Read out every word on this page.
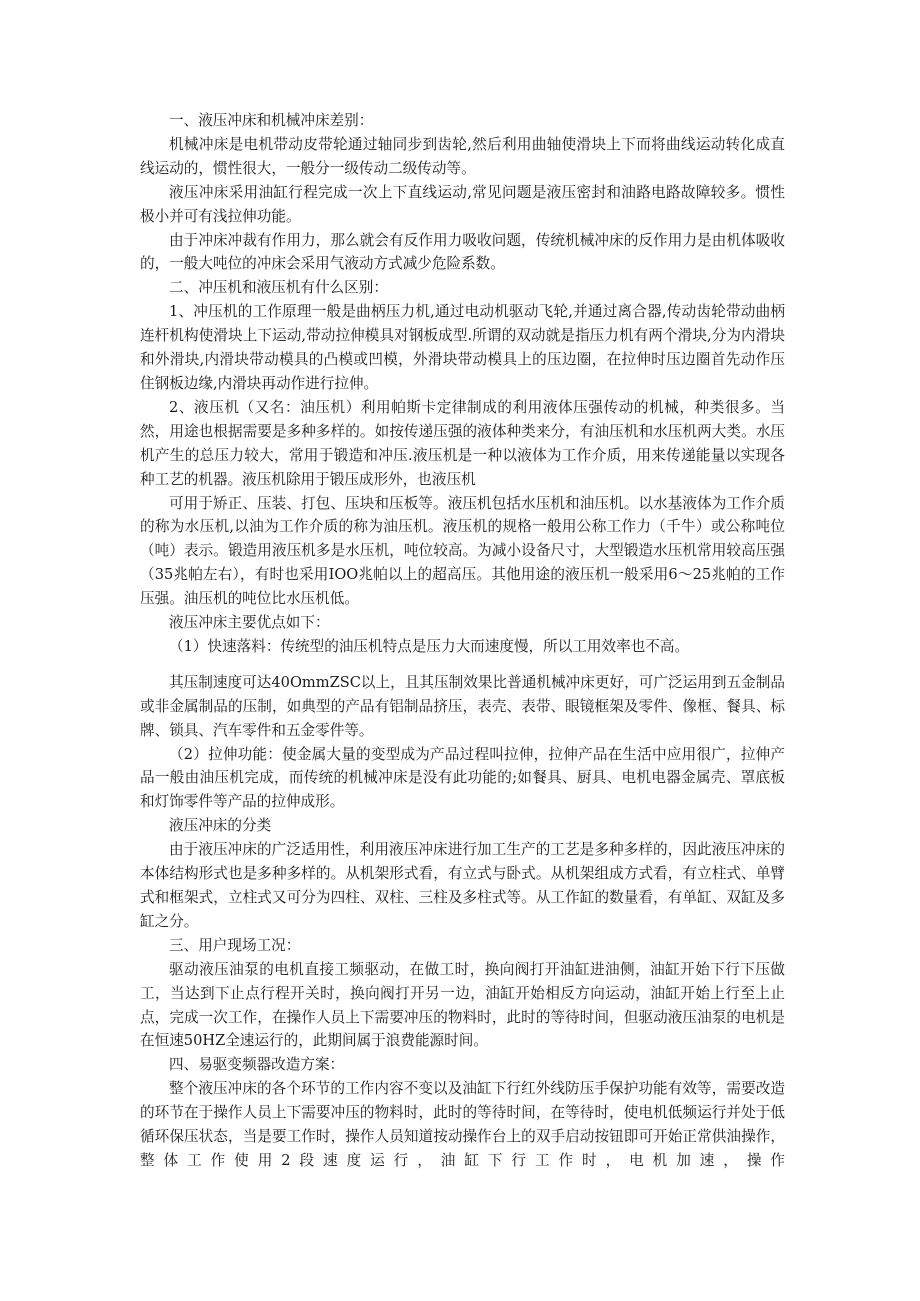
一、液压冲床和机械冲床差别：

机械冲床是电机带动皮带轮通过轴同步到齿轮,然后利用曲轴使滑块上下而将曲线运动转化成直线运动的，惯性很大，一般分一级传动二级传动等。

液压冲床采用油缸行程完成一次上下直线运动,常见问题是液压密封和油路电路故障较多。惯性极小并可有浅拉伸功能。

由于冲床冲裁有作用力，那么就会有反作用力吸收问题，传统机械冲床的反作用力是由机体吸收的，一般大吨位的冲床会采用气液动方式减少危险系数。

二、冲压机和液压机有什么区别：

1、冲压机的工作原理一般是曲柄压力机,通过电动机驱动飞轮,并通过离合器,传动齿轮带动曲柄连杆机构使滑块上下运动,带动拉伸模具对钢板成型.所谓的双动就是指压力机有两个滑块,分为内滑块和外滑块,内滑块带动模具的凸模或凹模，外滑块带动模具上的压边圈，在拉伸时压边圈首先动作压住钢板边缘,内滑块再动作进行拉伸。

2、液压机（又名：油压机）利用帕斯卡定律制成的利用液体压强传动的机械，种类很多。当然，用途也根据需要是多种多样的。如按传递压强的液体种类来分，有油压机和水压机两大类。水压机产生的总压力较大，常用于锻造和冲压.液压机是一种以液体为工作介质，用来传递能量以实现各种工艺的机器。液压机除用于锻压成形外，也液压机

可用于矫正、压装、打包、压块和压板等。液压机包括水压机和油压机。以水基液体为工作介质的称为水压机,以油为工作介质的称为油压机。液压机的规格一般用公称工作力（千牛）或公称吨位（吨）表示。锻造用液压机多是水压机，吨位较高。为减小设备尺寸，大型锻造水压机常用较高压强（35兆帕左右），有时也采用IOO兆帕以上的超高压。其他用途的液压机一般采用6～25兆帕的工作压强。油压机的吨位比水压机低。

液压冲床主要优点如下：

（1）快速落料：传统型的油压机特点是压力大而速度慢，所以工用效率也不高。

其压制速度可达40OmmZSC以上，且其压制效果比普通机械冲床更好，可广泛运用到五金制品或非金属制品的压制，如典型的产品有铝制品挤压，表壳、表带、眼镜框架及零件、像框、餐具、标牌、锁具、汽车零件和五金零件等。

（2）拉伸功能：使金属大量的变型成为产品过程叫拉伸，拉伸产品在生活中应用很广，拉伸产品一般由油压机完成，而传统的机械冲床是没有此功能的;如餐具、厨具、电机电器金属壳、罩底板和灯饰零件等产品的拉伸成形。

液压冲床的分类

由于液压冲床的广泛适用性，利用液压冲床进行加工生产的工艺是多种多样的，因此液压冲床的本体结构形式也是多种多样的。从机架形式看，有立式与卧式。从机架组成方式看，有立柱式、单臂式和框架式，立柱式又可分为四柱、双柱、三柱及多柱式等。从工作缸的数量看，有单缸、双缸及多缸之分。

三、用户现场工况：

驱动液压油泵的电机直接工频驱动，在做工时，换向阀打开油缸进油侧，油缸开始下行下压做工，当达到下止点行程开关时，换向阀打开另一边，油缸开始相反方向运动，油缸开始上行至上止点，完成一次工作，在操作人员上下需要冲压的物料时，此时的等待时间，但驱动液压油泵的电机是在恒速50HZ全速运行的，此期间属于浪费能源时间。

四、易驱变频器改造方案：

整个液压冲床的各个环节的工作内容不变以及油缸下行红外线防压手保护功能有效等，需要改造的环节在于操作人员上下需要冲压的物料时，此时的等待时间，在等待时，使电机低频运行并处于低循环保压状态，当是要工作时，操作人员知道按动操作台上的双手启动按钮即可开始正常供油操作，整体工作使用2段速度运行，油缸下行工作时，电机加速，操作
